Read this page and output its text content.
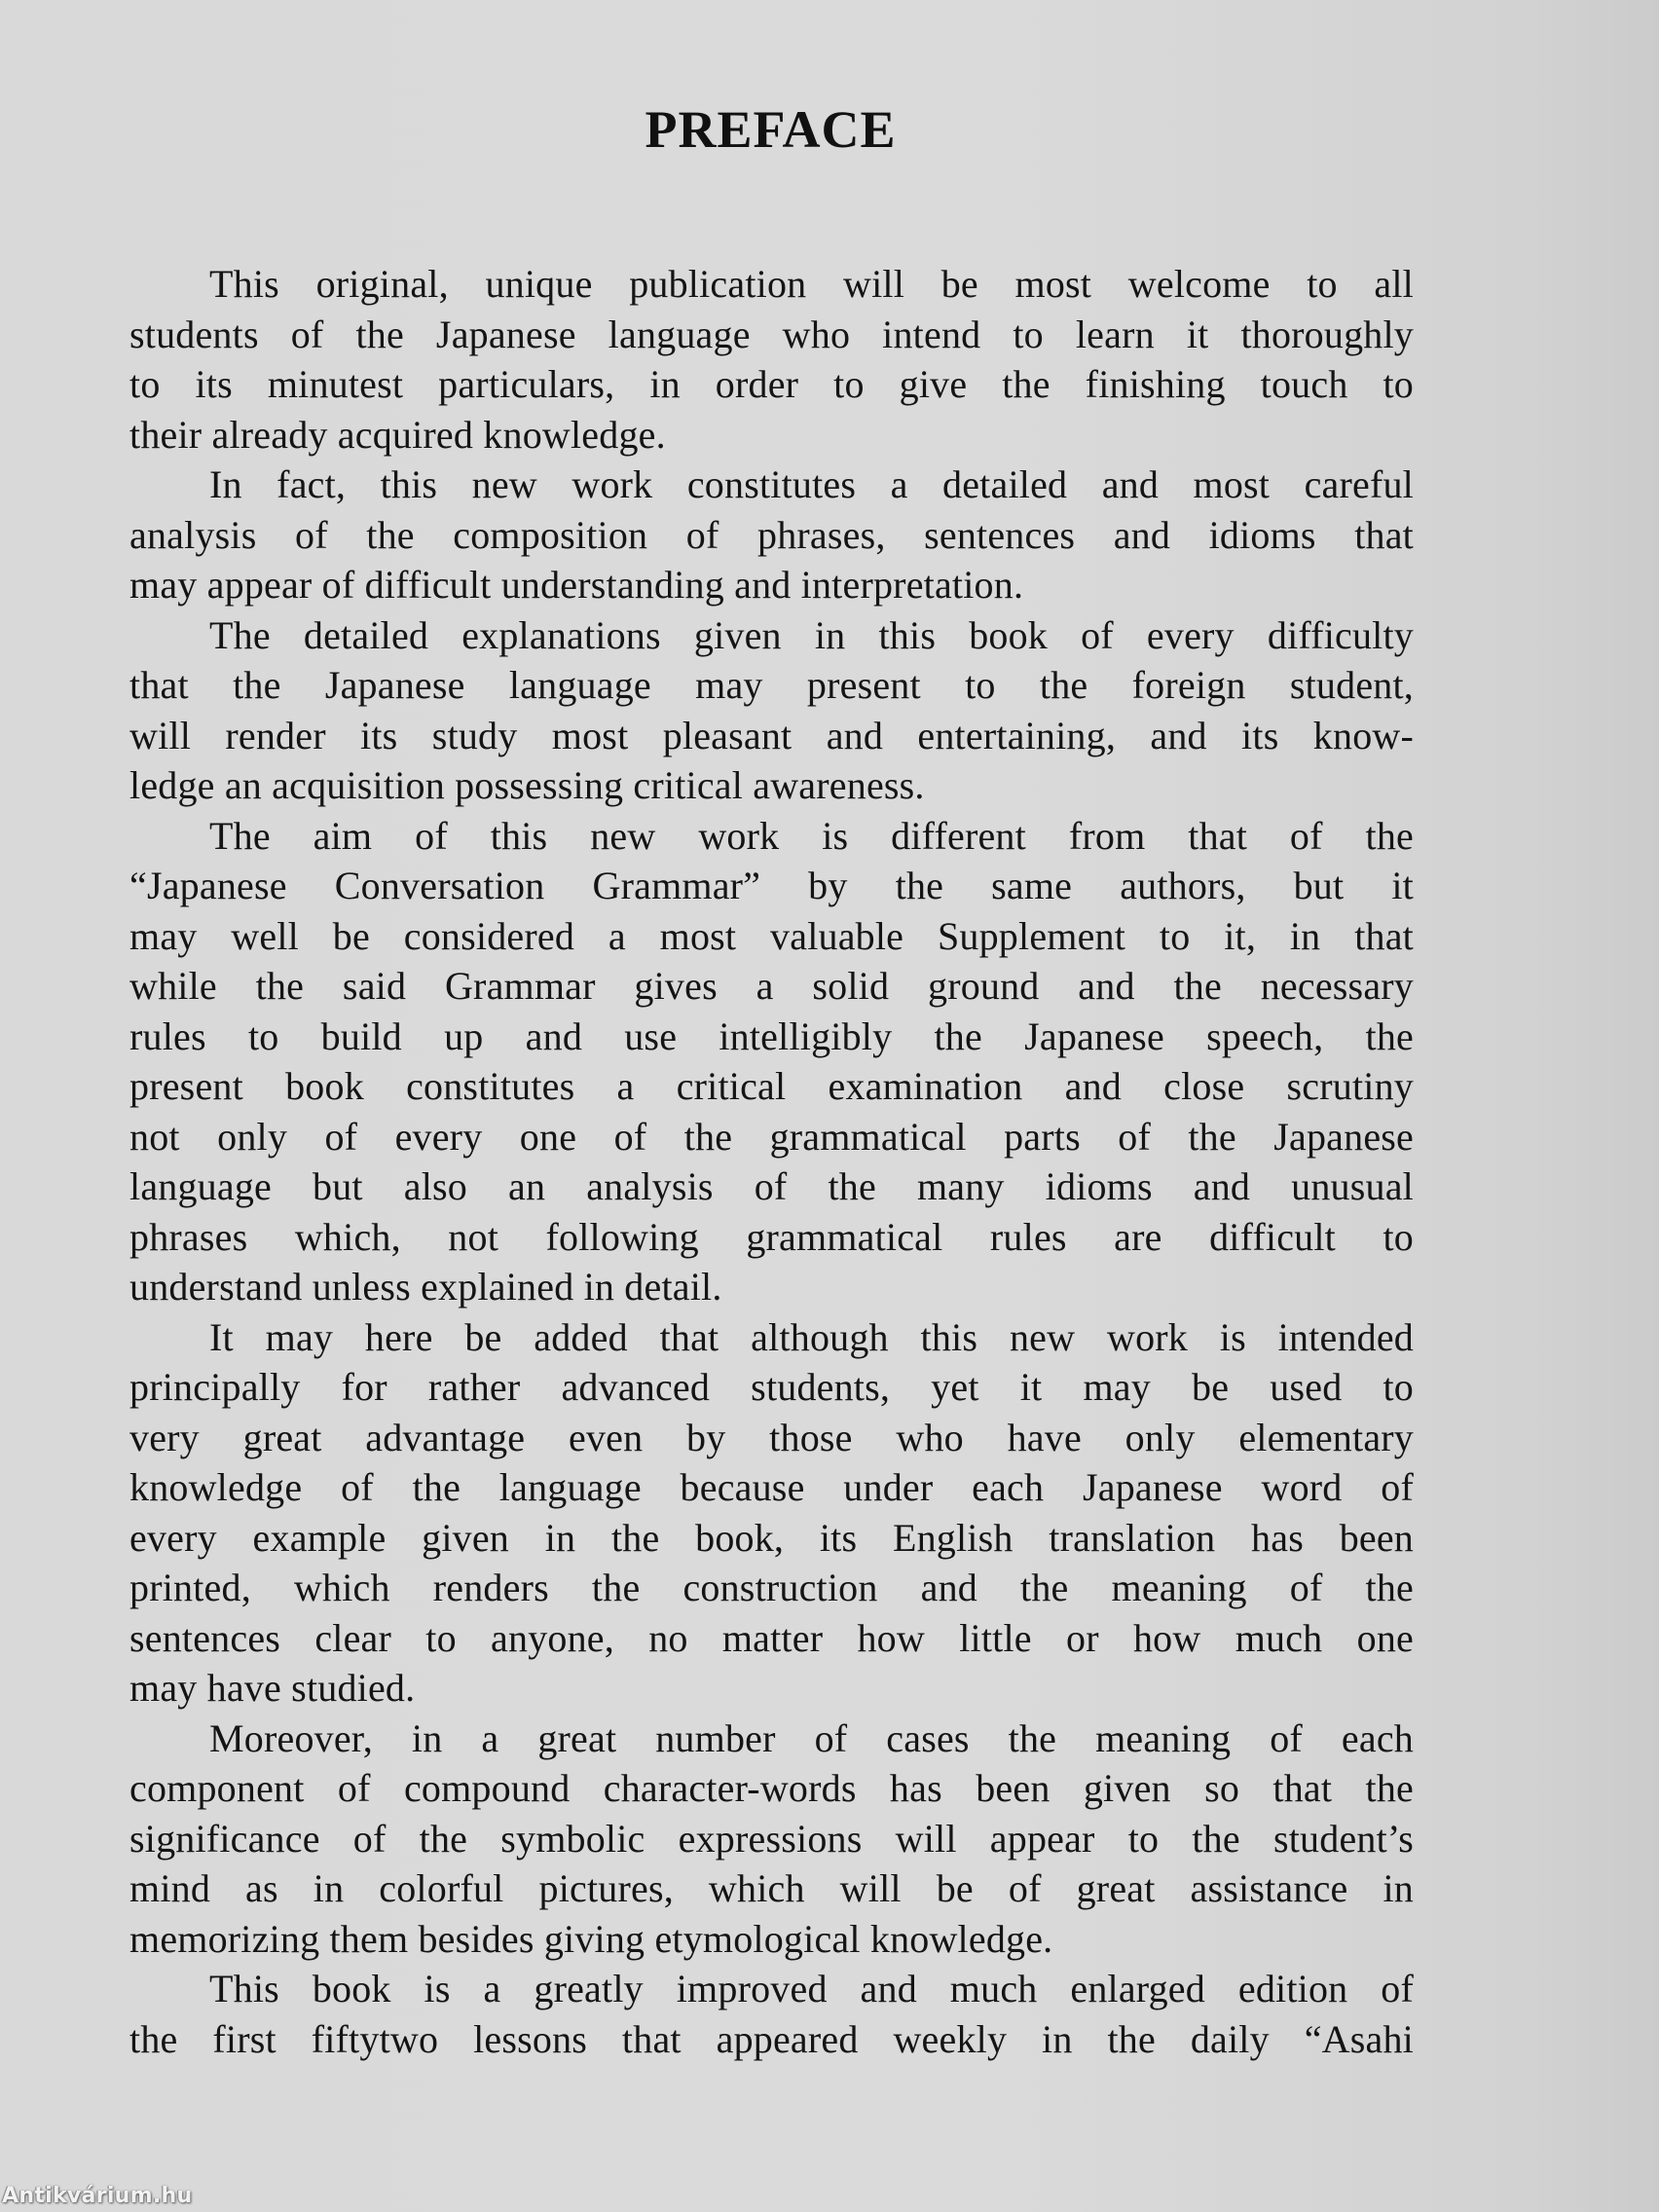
PREFACE
This original, unique publication will be most welcome to all
students of the Japanese language who intend to learn it thoroughly
to its minutest particulars, in order to give the finishing touch to
their already acquired knowledge.
In fact, this new work constitutes a detailed and most careful
analysis of the composition of phrases, sentences and idioms that
may appear of difficult understanding and interpretation.
The detailed explanations given in this book of every difficulty
that the Japanese language may present to the foreign student,
will render its study most pleasant and entertaining, and its know-
ledge an acquisition possessing critical awareness.
The aim of this new work is different from that of the
“Japanese Conversation Grammar” by the same authors, but it
may well be considered a most valuable Supplement to it, in that
while the said Grammar gives a solid ground and the necessary
rules to build up and use intelligibly the Japanese speech, the
present book constitutes a critical examination and close scrutiny
not only of every one of the grammatical parts of the Japanese
language but also an analysis of the many idioms and unusual
phrases which, not following grammatical rules are difficult to
understand unless explained in detail.
It may here be added that although this new work is intended
principally for rather advanced students, yet it may be used to
very great advantage even by those who have only elementary
knowledge of the language because under each Japanese word of
every example given in the book, its English translation has been
printed, which renders the construction and the meaning of the
sentences clear to anyone, no matter how little or how much one
may have studied.
Moreover, in a great number of cases the meaning of each
component of compound character-words has been given so that the
significance of the symbolic expressions will appear to the student’s
mind as in colorful pictures, which will be of great assistance in
memorizing them besides giving etymological knowledge.
This book is a greatly improved and much enlarged edition of
the first fiftytwo lessons that appeared weekly in the daily “Asahi
Antikvárium.hu
